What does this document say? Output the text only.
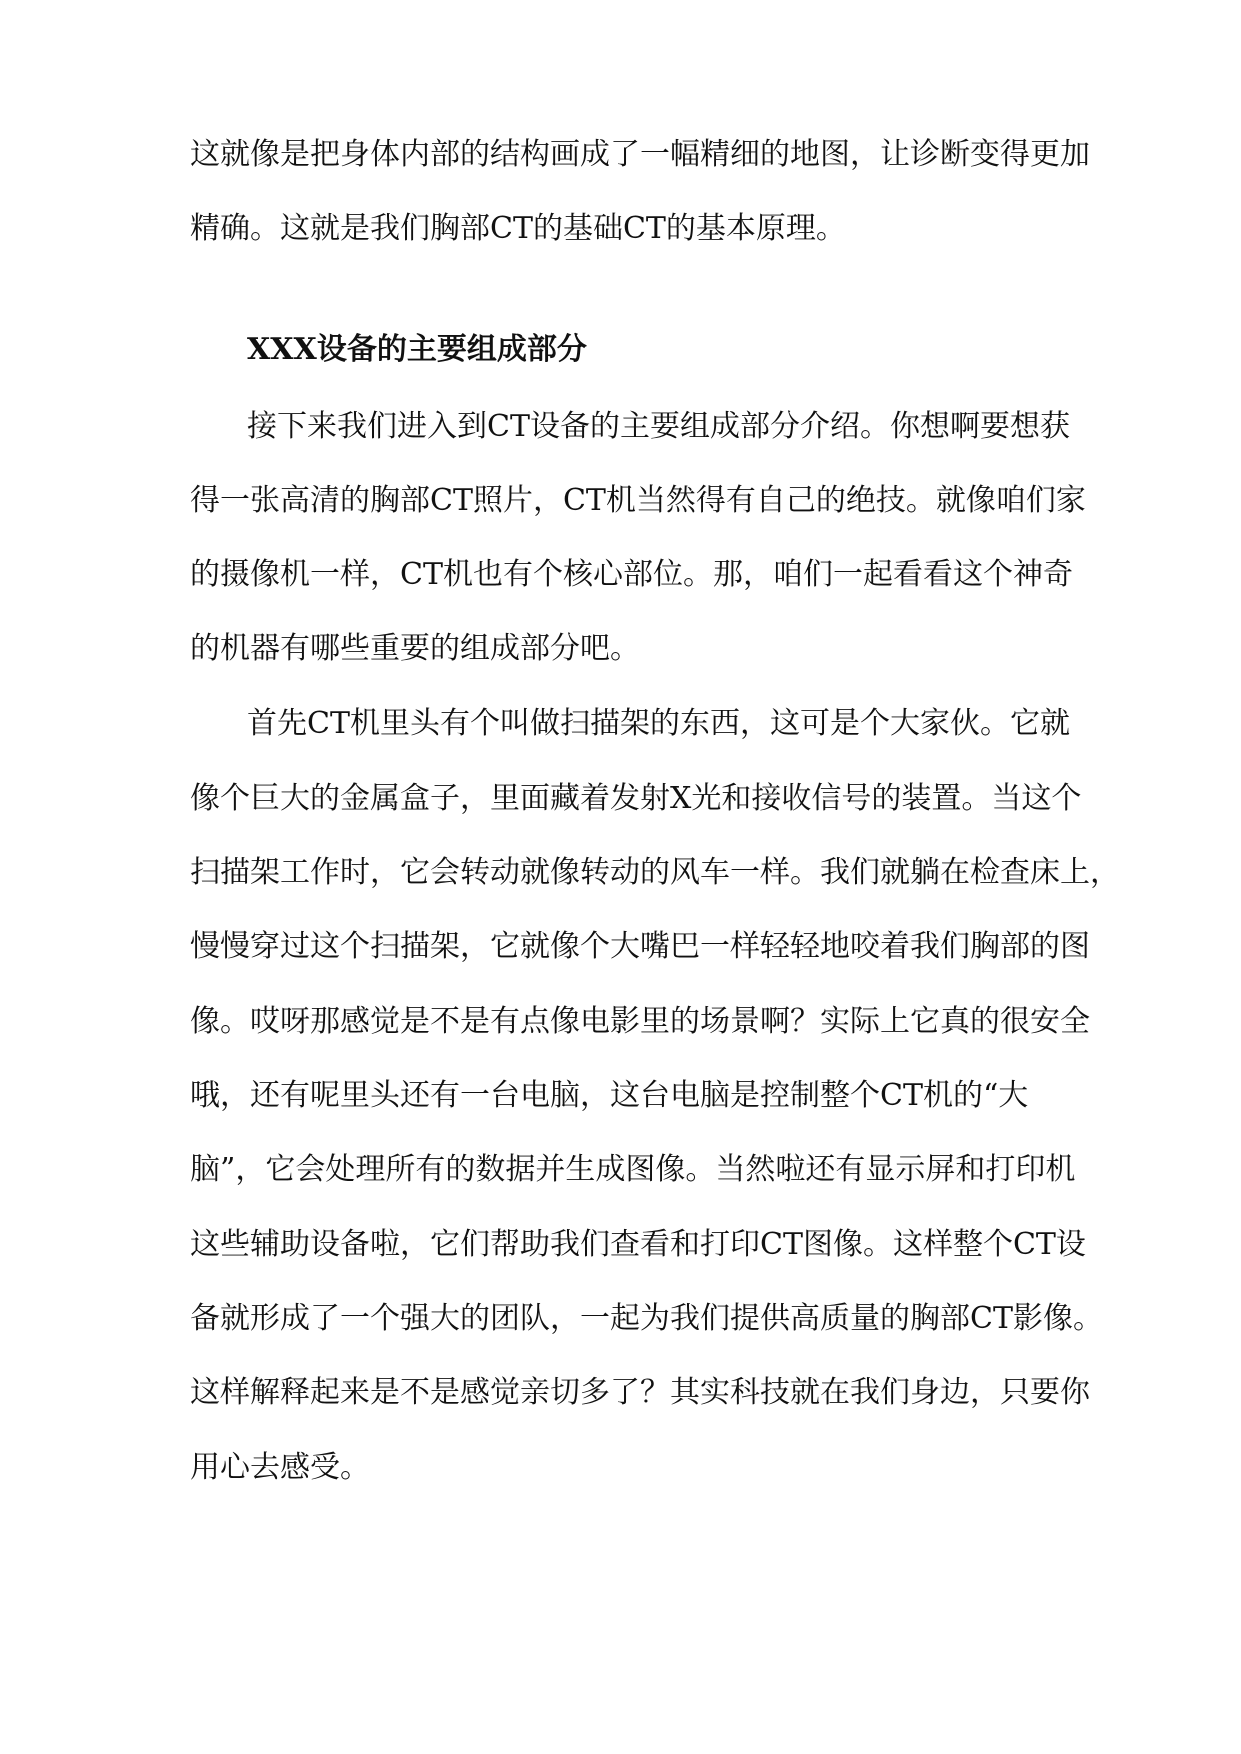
这就像是把身体内部的结构画成了一幅精细的地图，让诊断变得更加
精确。这就是我们胸部CT的基础CT的基本原理。
XXX设备的主要组成部分
接下来我们进入到CT设备的主要组成部分介绍。你想啊要想获
得一张高清的胸部CT照片，CT机当然得有自己的绝技。就像咱们家
的摄像机一样，CT机也有个核心部位。那，咱们一起看看这个神奇
的机器有哪些重要的组成部分吧。
首先CT机里头有个叫做扫描架的东西，这可是个大家伙。它就
像个巨大的金属盒子，里面藏着发射X光和接收信号的装置。当这个
扫描架工作时，它会转动就像转动的风车一样。我们就躺在检查床上，
慢慢穿过这个扫描架，它就像个大嘴巴一样轻轻地咬着我们胸部的图
像。哎呀那感觉是不是有点像电影里的场景啊？实际上它真的很安全
哦，还有呢里头还有一台电脑，这台电脑是控制整个CT机的“大
脑”，它会处理所有的数据并生成图像。当然啦还有显示屏和打印机
这些辅助设备啦，它们帮助我们查看和打印CT图像。这样整个CT设
备就形成了一个强大的团队，一起为我们提供高质量的胸部CT影像。
这样解释起来是不是感觉亲切多了？其实科技就在我们身边，只要你
用心去感受。
